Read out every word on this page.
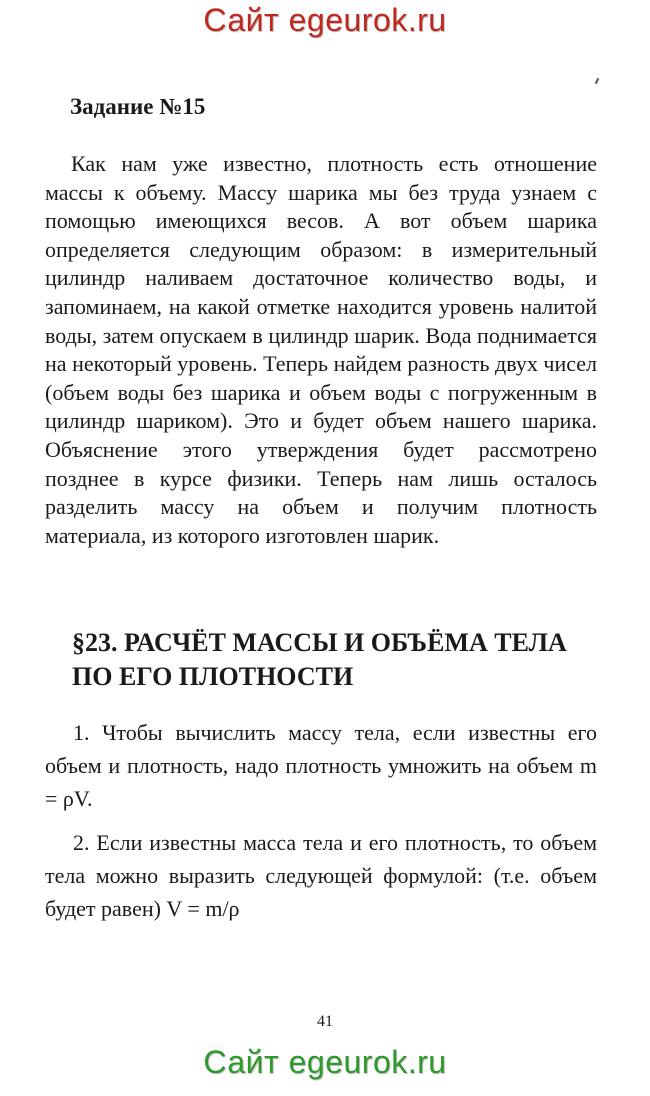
Сайт egeurok.ru
Задание №15

Как нам уже известно, плотность есть отношение массы к объему. Массу шарика мы без труда узнаем с помощью имеющихся весов. А вот объем шарика определяется следующим образом: в измерительный цилиндр наливаем достаточное количество воды, и запоминаем, на какой отметке находится уровень налитой воды, затем опускаем в цилиндр шарик. Вода поднимается на некоторый уровень. Теперь найдем разность двух чисел (объем воды без шарика и объем воды с погруженным в цилиндр шариком). Это и будет объем нашего шарика. Объяснение этого утверждения будет рассмотрено позднее в курсе физики. Теперь нам лишь осталось разделить массу на объем и получим плотность материала, из которого изготовлен шарик.

§23. РАСЧЁТ МАССЫ И ОБЪЁМА ТЕЛА ПО ЕГО ПЛОТНОСТИ

1. Чтобы вычислить массу тела, если известны его объем и плотность, надо плотность умножить на объем m = ρV.

2. Если известны масса тела и его плотность, то объем тела можно выразить следующей формулой: (т.е. объем будет равен) V = m/ρ

41
Сайт egeurok.ru
